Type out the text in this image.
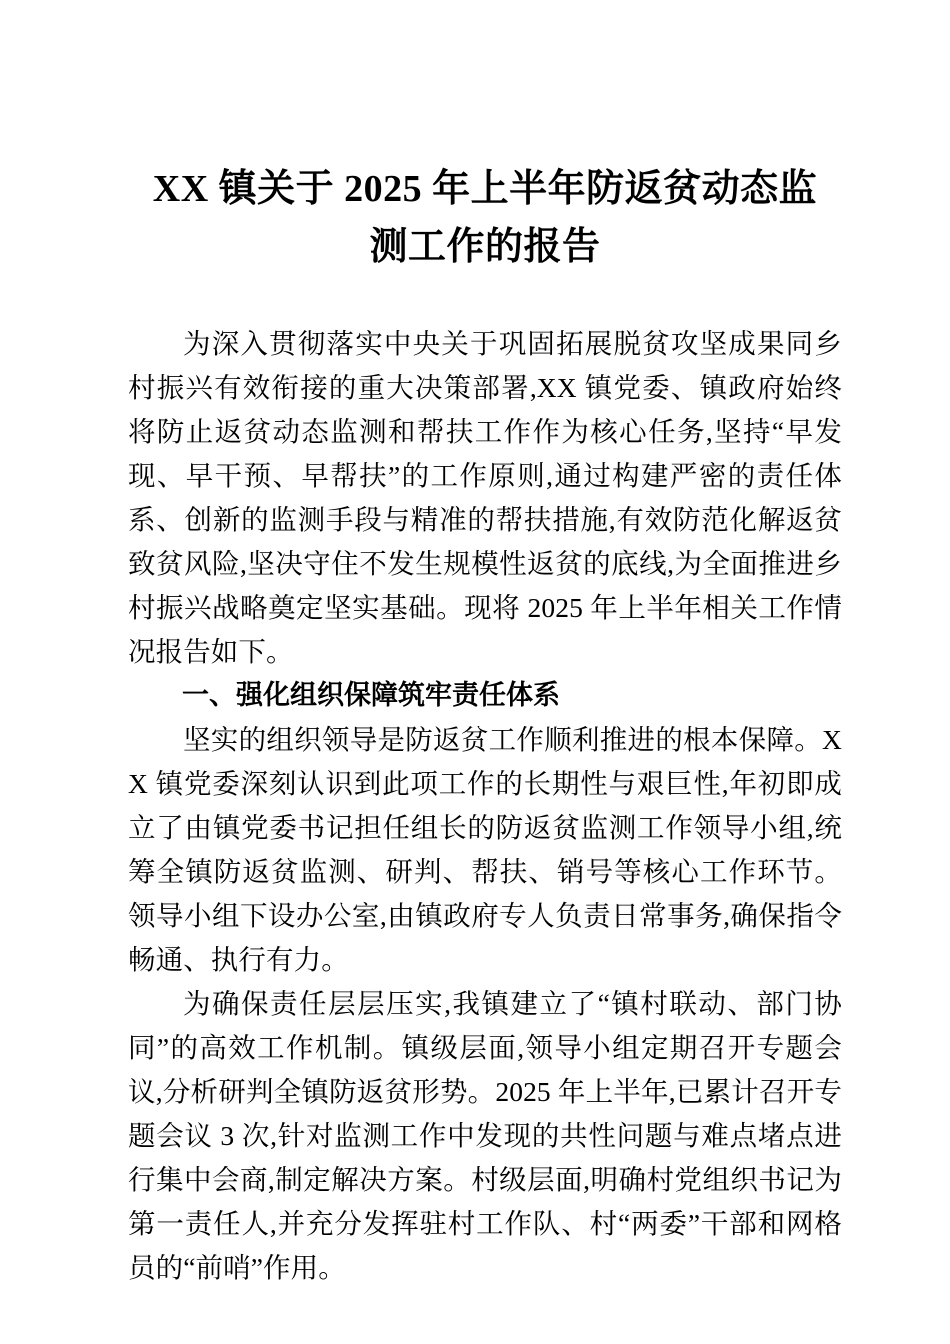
XX 镇关于 2025 年上半年防返贫动态监
测工作的报告

为深入贯彻落实中央关于巩固拓展脱贫攻坚成果同乡村振兴有效衔接的重大决策部署,XX 镇党委、镇政府始终将防止返贫动态监测和帮扶工作作为核心任务,坚持“早发现、早干预、早帮扶”的工作原则,通过构建严密的责任体系、创新的监测手段与精准的帮扶措施,有效防范化解返贫致贫风险,坚决守住不发生规模性返贫的底线,为全面推进乡村振兴战略奠定坚实基础。现将 2025 年上半年相关工作情况报告如下。

一、强化组织保障筑牢责任体系

坚实的组织领导是防返贫工作顺利推进的根本保障。XX 镇党委深刻认识到此项工作的长期性与艰巨性,年初即成立了由镇党委书记担任组长的防返贫监测工作领导小组,统筹全镇防返贫监测、研判、帮扶、销号等核心工作环节。领导小组下设办公室,由镇政府专人负责日常事务,确保指令畅通、执行有力。

为确保责任层层压实,我镇建立了“镇村联动、部门协同”的高效工作机制。镇级层面,领导小组定期召开专题会议,分析研判全镇防返贫形势。2025 年上半年,已累计召开专题会议 3 次,针对监测工作中发现的共性问题与难点堵点进行集中会商,制定解决方案。村级层面,明确村党组织书记为第一责任人,并充分发挥驻村工作队、村“两委”干部和网格员的“前哨”作用。
